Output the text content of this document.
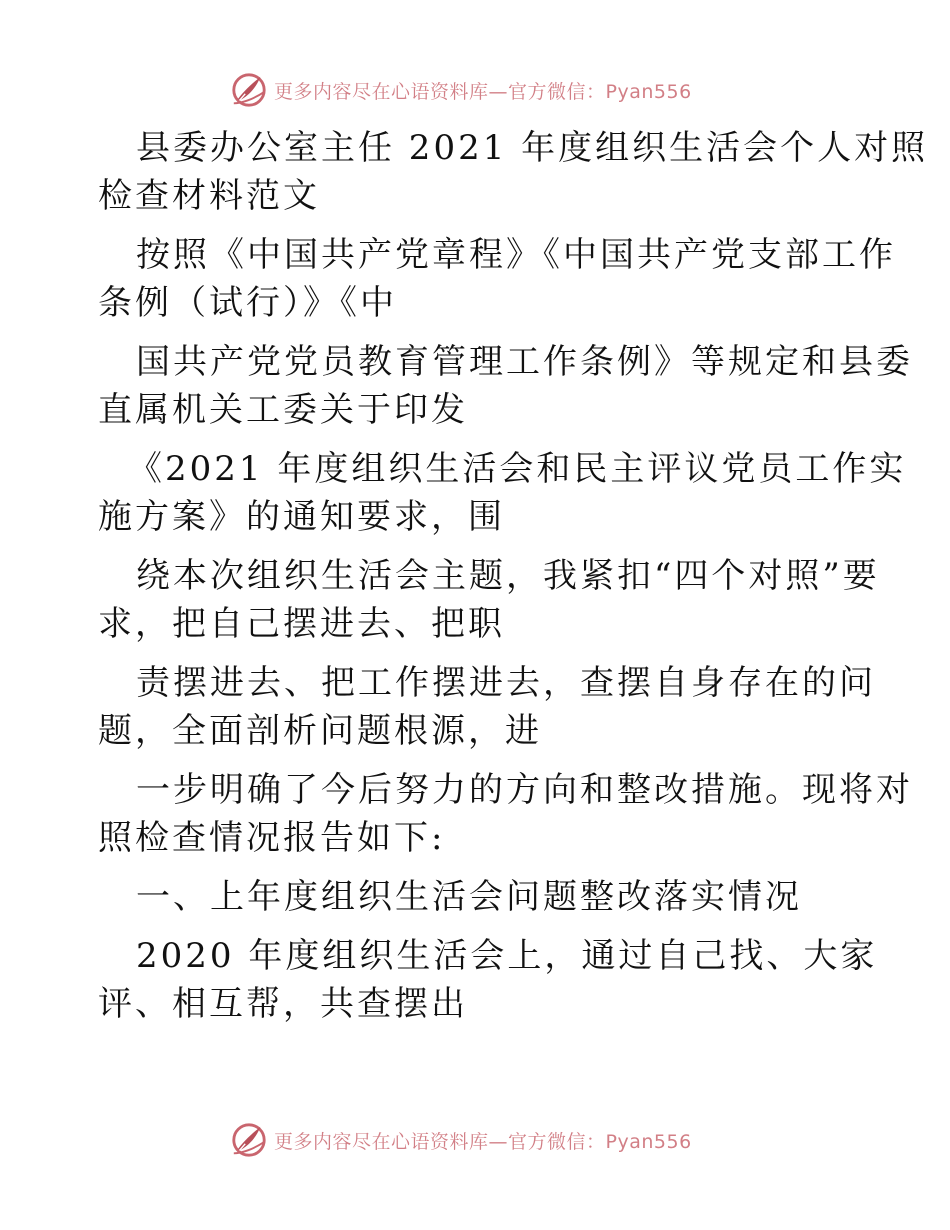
更多内容尽在心语资料库—官方微信：Pyan556
县委办公室主任 2021 年度组织生活会个人对照
检查材料范文
按照《中国共产党章程》《中国共产党支部工作
条例（试行）》《中
国共产党党员教育管理工作条例》等规定和县委
直属机关工委关于印发
《2021 年度组织生活会和民主评议党员工作实
施方案》的通知要求，围
绕本次组织生活会主题，我紧扣“四个对照”要
求，把自己摆进去、把职
责摆进去、把工作摆进去，查摆自身存在的问
题，全面剖析问题根源，进
一步明确了今后努力的方向和整改措施。现将对
照检查情况报告如下:
一、上年度组织生活会问题整改落实情况
2020 年度组织生活会上，通过自己找、大家
评、相互帮，共查摆出
更多内容尽在心语资料库—官方微信：Pyan556
